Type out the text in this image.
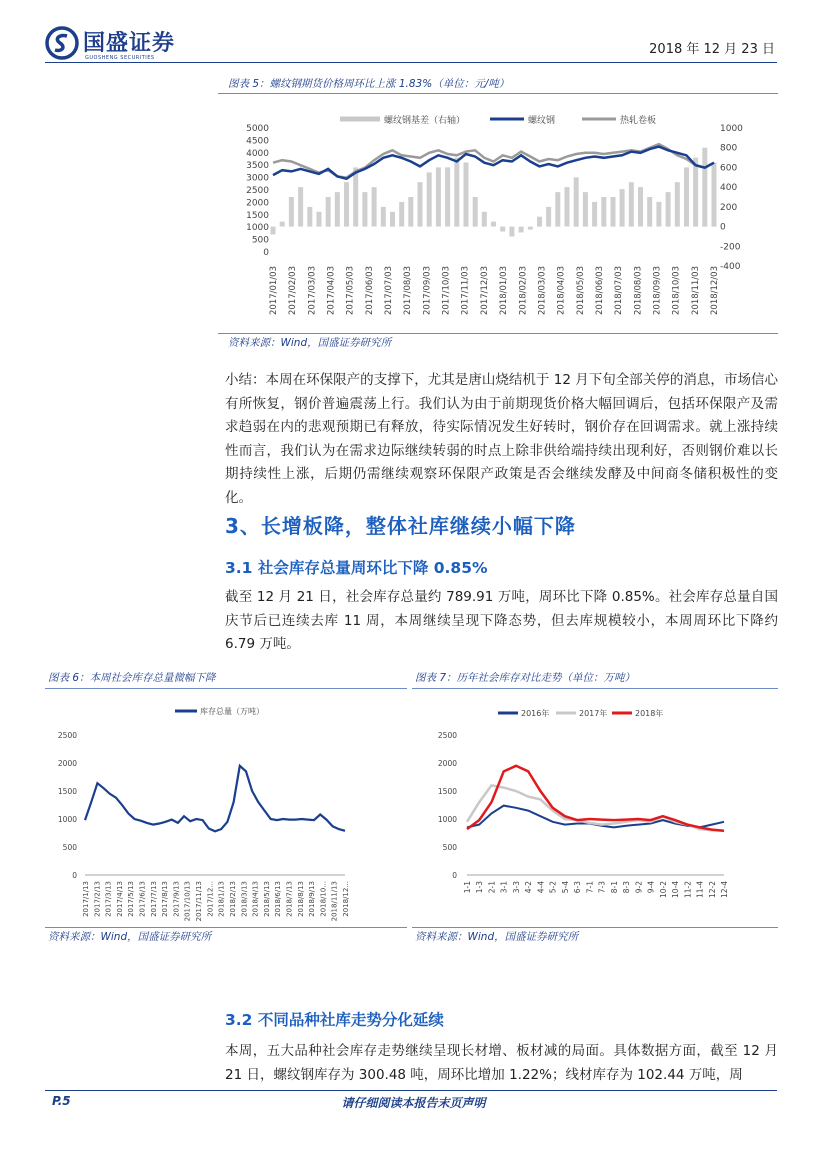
国盛证券
GUOSHENG SECURITIES
2018 年 12 月 23 日
图表 5：螺纹钢期货价格周环比上涨 1.83%（单位：元/吨）
螺纹钢基差（右轴）	螺纹钢	热轧卷板
5000
4500
4000
3500
3000
2500
2000
1500
1000
500
0
1000
800
600
400
200
0
-200
-400
2017/01/03 2017/02/03 2017/03/03 2017/04/03 2017/05/03 2017/06/03 2017/07/03 2017/08/03 2017/09/03 2017/10/03 2017/11/03 2017/12/03 2018/01/03 2018/02/03 2018/03/03 2018/04/03 2018/05/03 2018/06/03 2018/07/03 2018/08/03 2018/09/03 2018/10/03 2018/11/03 2018/12/03
资料来源：Wind，国盛证券研究所
小结：本周在环保限产的支撑下，尤其是唐山烧结机于 12 月下旬全部关停的消息，市场信心有所恢复，钢价普遍震荡上行。我们认为由于前期现货价格大幅回调后，包括环保限产及需求趋弱在内的悲观预期已有释放，待实际情况发生好转时，钢价存在回调需求。就上涨持续性而言，我们认为在需求边际继续转弱的时点上除非供给端持续出现利好，否则钢价难以长期持续性上涨，后期仍需继续观察环保限产政策是否会继续发酵及中间商冬储积极性的变化。
3、长增板降，整体社库继续小幅下降
3.1 社会库存总量周环比下降 0.85%
截至 12 月 21 日，社会库存总量约 789.91 万吨，周环比下降 0.85%。社会库存总量自国庆节后已连续去库 11 周，本周继续呈现下降态势，但去库规模较小，本周周环比下降约 6.79 万吨。
图表 6：本周社会库存总量微幅下降
库存总量（万吨）
2500
2000
1500
1000
500
0
2017/1/13 2017/2/13 2017/3/13 2017/4/13 2017/5/13 2017/6/13 2017/7/13 2017/8/13 2017/9/13 2017/10/13 2017/11/13 2017/12... 2018/1/13 2018/2/13 2018/3/13 2018/4/13 2018/5/13 2018/6/13 2018/7/13 2018/8/13 2018/9/13 2018/10... 2018/11/13 2018/12...
资料来源：Wind，国盛证券研究所
图表 7：历年社会库存对比走势（单位：万吨）
2016年	2017年	2018年
2500
2000
1500
1000
500
0
1-1 1-3 2-1 3-1 3-3 4-2 4-4 5-2 5-4 6-3 7-1 7-3 8-1 8-3 9-2 9-4 10-2 10-4 11-2 11-4 12-2 12-4
资料来源：Wind，国盛证券研究所
3.2 不同品种社库走势分化延续
本周，五大品种社会库存走势继续呈现长材增、板材减的局面。具体数据方面，截至 12 月 21 日，螺纹钢库存为 300.48 吨，周环比增加 1.22%；线材库存为 102.44 万吨，周
P.5	请仔细阅读本报告末页声明
